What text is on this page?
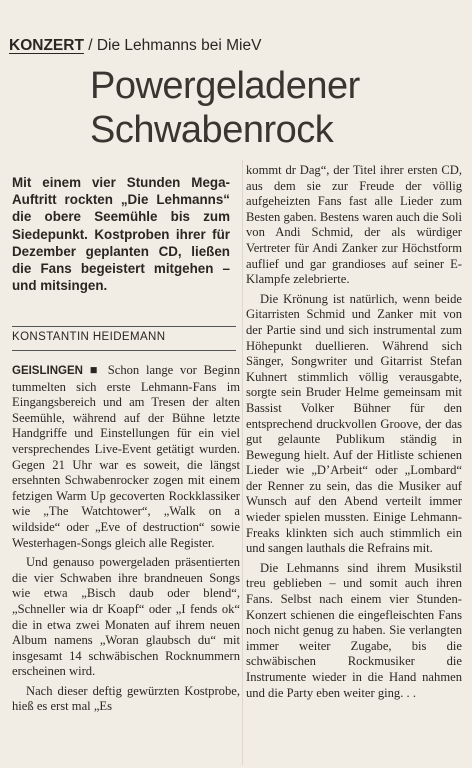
KONZERT / Die Lehmanns bei MieV
Powergeladener
Schwabenrock
Mit einem vier Stunden Mega-Auftritt rockten „Die Lehmanns“ die obere Seemühle bis zum Siedepunkt. Kostproben ihrer für Dezember geplanten CD, ließen die Fans begeistert mitgehen – und mitsingen.
KONSTANTIN HEIDEMANN

GEISLINGEN ■ Schon lange vor Beginn tummelten sich erste Lehmann-Fans im Eingangsbereich und am Tresen der alten Seemühle, während auf der Bühne letzte Handgriffe und Einstellungen für ein viel versprechendes Live-Event getätigt wurden. Gegen 21 Uhr war es soweit, die längst ersehnten Schwabenrocker zogen mit einem fetzigen Warm Up gecoverten Rockklassiker wie „The Watchtower“, „Walk on a wildside“ oder „Eve of destruction“ sowie Westerhagen-Songs gleich alle Register.

Und genauso powergeladen präsentierten die vier Schwaben ihre brandneuen Songs wie etwa „Bisch daub oder blend“, „Schneller wia dr Koapf“ oder „I fends ok“ die in etwa zwei Monaten auf ihrem neuen Album namens „Woran glaubsch du“ mit insgesamt 14 schwäbischen Rocknummern erscheinen wird.

Nach dieser deftig gewürzten Kostprobe, hieß es erst mal „Es

kommt dr Dag“, der Titel ihrer ersten CD, aus dem sie zur Freude der völlig aufgeheizten Fans fast alle Lieder zum Besten gaben. Bestens waren auch die Soli von Andi Schmid, der als würdiger Vertreter für Andi Zanker zur Höchstform auflief und gar grandioses auf seiner E-Klampfe zelebrierte.

Die Krönung ist natürlich, wenn beide Gitarristen Schmid und Zanker mit von der Partie sind und sich instrumental zum Höhepunkt duellieren. Während sich Sänger, Songwriter und Gitarrist Stefan Kuhnert stimmlich völlig verausgabte, sorgte sein Bruder Helme gemeinsam mit Bassist Volker Bühner für den entsprechend druckvollen Groove, der das gut gelaunte Publikum ständig in Bewegung hielt. Auf der Hitliste schienen Lieder wie „D’Arbeit“ oder „Lombard“ der Renner zu sein, das die Musiker auf Wunsch auf den Abend verteilt immer wieder spielen mussten. Einige Lehmann-Freaks klinkten sich auch stimmlich ein und sangen lauthals die Refrains mit.

Die Lehmanns sind ihrem Musikstil treu geblieben – und somit auch ihren Fans. Selbst nach einem vier Stunden-Konzert schienen die eingefleischten Fans noch nicht genug zu haben. Sie verlangten immer weiter Zugabe, bis die schwäbischen Rockmusiker die Instrumente wieder in die Hand nahmen und die Party eben weiter ging. . .
